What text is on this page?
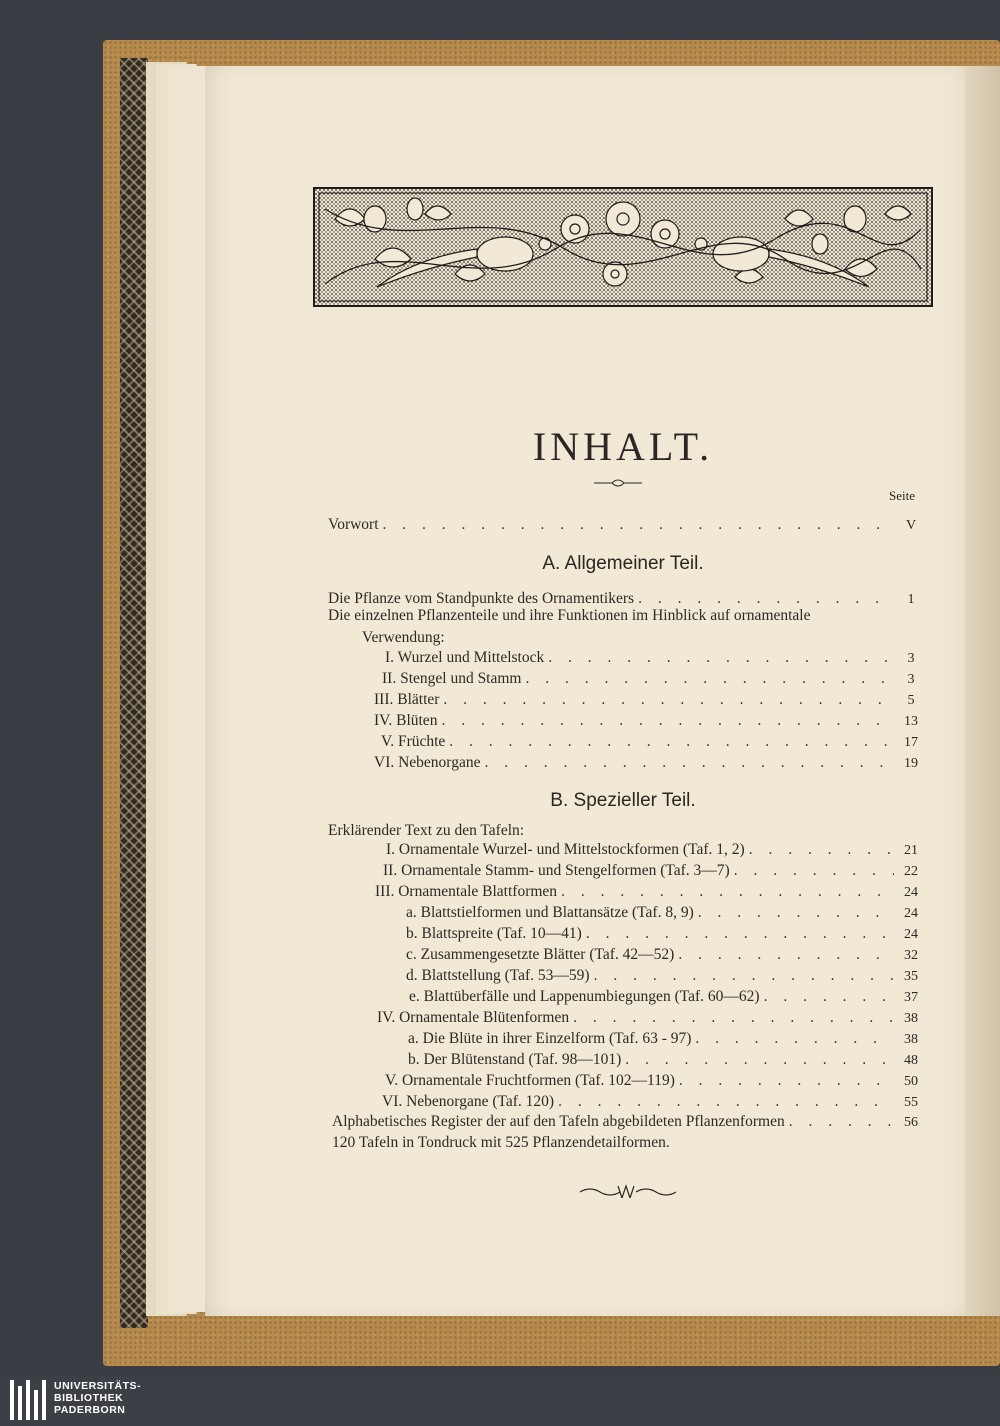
INHALT.
Seite
Vorwort . . .	V
A. Allgemeiner Teil.
Die Pflanze vom Standpunkte des Ornamentikers . . .	1
Die einzelnen Pflanzenteile und ihre Funktionen im Hinblick auf ornamentale
Verwendung:
I. Wurzel und Mittelstock . . .	3
II. Stengel und Stamm . . .	3
III. Blätter . . .	5
IV. Blüten . . .	13
V. Früchte . . .	17
VI. Nebenorgane . . .	19
B. Spezieller Teil.
Erklärender Text zu den Tafeln:
I. Ornamentale Wurzel- und Mittelstockformen (Taf. 1, 2) . . .	21
II. Ornamentale Stamm- und Stengelformen (Taf. 3—7) . . .	22
III. Ornamentale Blattformen . . .	24
a. Blattstielformen und Blattansätze (Taf. 8, 9) . . .	24
b. Blattspreite (Taf. 10—41) . . .	24
c. Zusammengesetzte Blätter (Taf. 42—52) . . .	32
d. Blattstellung (Taf. 53—59) . . .	35
e. Blattüberfälle und Lappenumbiegungen (Taf. 60—62) . . .	37
IV. Ornamentale Blütenformen . . .	38
a. Die Blüte in ihrer Einzelform (Taf. 63 - 97) . . .	38
b. Der Blütenstand (Taf. 98—101) . . .	48
V. Ornamentale Fruchtformen (Taf. 102—119) . . .	50
VI. Nebenorgane (Taf. 120) . . .	55
Alphabetisches Register der auf den Tafeln abgebildeten Pflanzenformen . . .	56
120 Tafeln in Tondruck mit 525 Pflanzendetailformen.
UNIVERSITÄTS-
BIBLIOTHEK
PADERBORN
